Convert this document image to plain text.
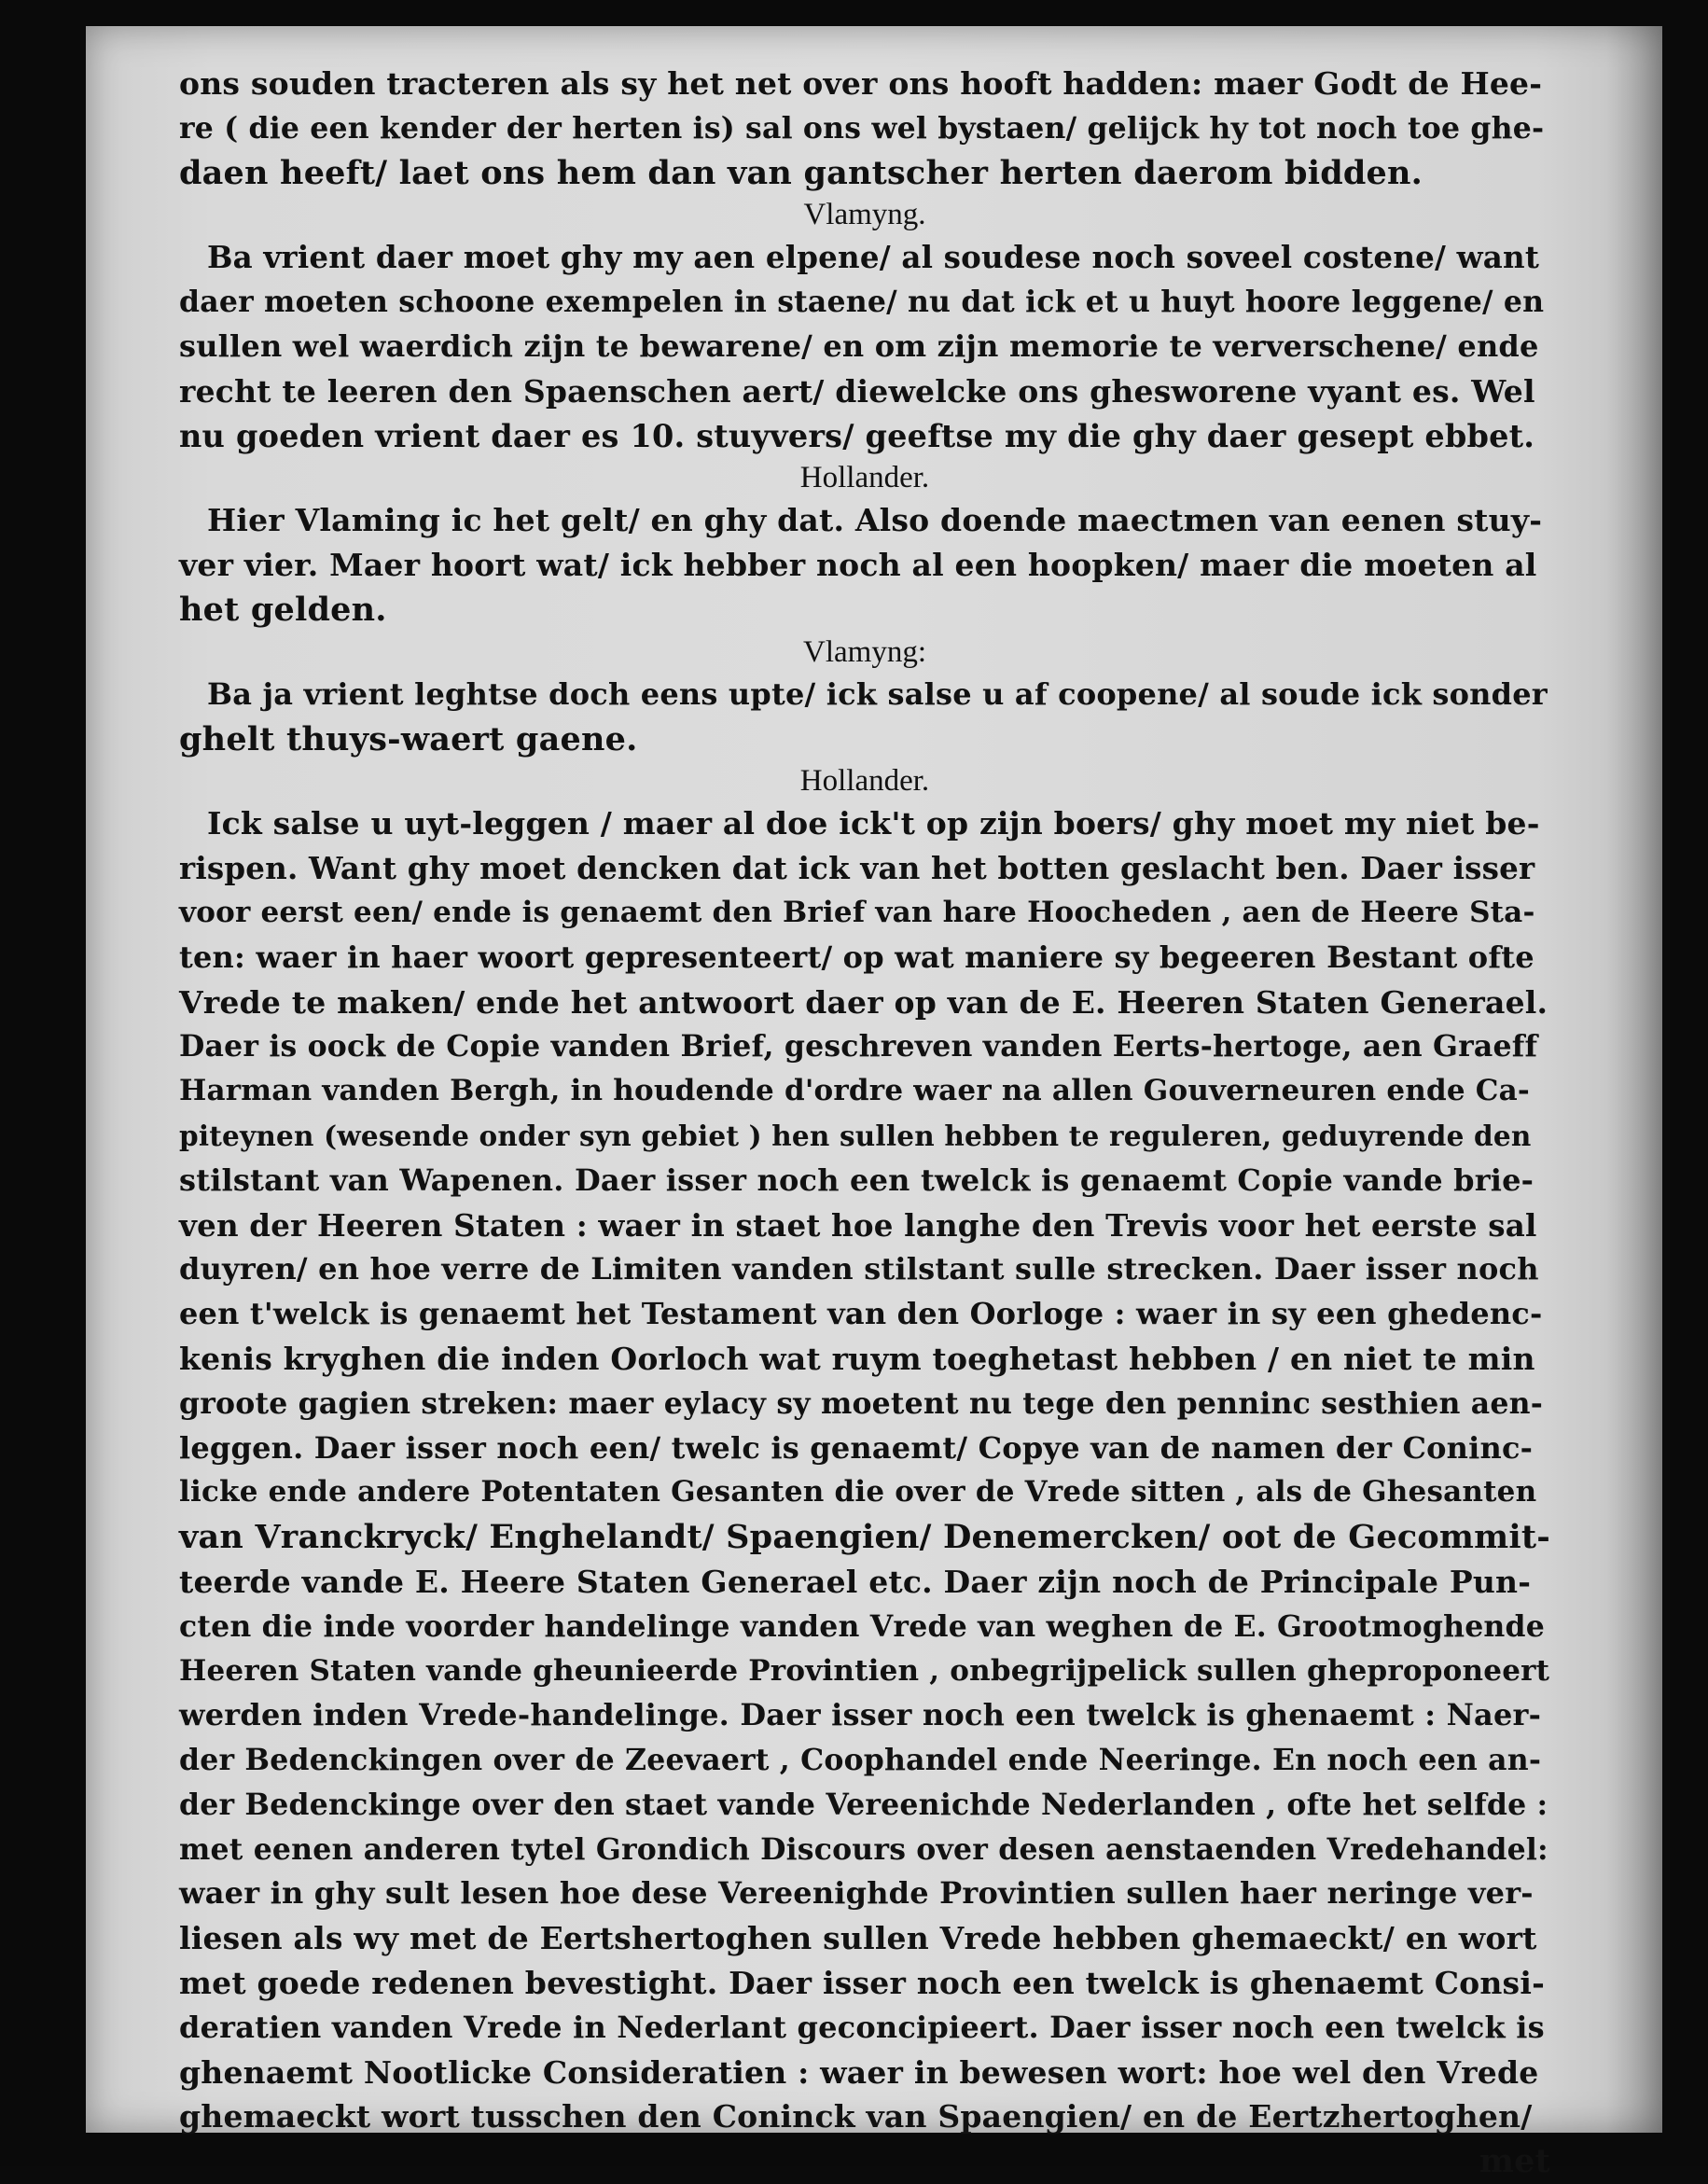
ons souden tracteren als sy het net over ons hooft hadden: maer Godt de Hee-
re ( die een kender der herten is) sal ons wel bystaen/ gelijck hy tot noch toe ghe-
daen heeft/ laet ons hem dan van gantscher herten daerom bidden.
Vlamyng.
Ba vrient daer moet ghy my aen elpene/ al soudese noch soveel costene/ want
daer moeten schoone exempelen in staene/ nu dat ick et u huyt hoore leggene/ en
sullen wel waerdich zijn te bewarene/ en om zijn memorie te ververschene/ ende
recht te leeren den Spaenschen aert/ diewelcke ons ghesworene vyant es. Wel
nu goeden vrient daer es 10. stuyvers/ geeftse my die ghy daer gesept ebbet.
Hollander.
Hier Vlaming ic het gelt/ en ghy dat. Also doende maectmen van eenen stuy-
ver vier. Maer hoort wat/ ick hebber noch al een hoopken/ maer die moeten al
het gelden.
Vlamyng:
Ba ja vrient leghtse doch eens upte/ ick salse u af coopene/ al soude ick sonder
ghelt thuys-waert gaene.
Hollander.
Ick salse u uyt-leggen / maer al doe ick't op zijn boers/ ghy moet my niet be-
rispen. Want ghy moet dencken dat ick van het botten geslacht ben. Daer isser
voor eerst een/ ende is genaemt den Brief van hare Hoocheden , aen de Heere Sta-
ten: waer in haer woort gepresenteert/ op wat maniere sy begeeren Bestant ofte
Vrede te maken/ ende het antwoort daer op van de E. Heeren Staten Generael.
Daer is oock de Copie vanden Brief, geschreven vanden Eerts-hertoge, aen Graeff
Harman vanden Bergh, in houdende d'ordre waer na allen Gouverneuren ende Ca-
piteynen (wesende onder syn gebiet ) hen sullen hebben te reguleren, geduyrende den
stilstant van Wapenen. Daer isser noch een twelck is genaemt Copie vande brie-
ven der Heeren Staten : waer in staet hoe langhe den Trevis voor het eerste sal
duyren/ en hoe verre de Limiten vanden stilstant sulle strecken. Daer isser noch
een t'welck is genaemt het Testament van den Oorloge : waer in sy een ghedenc-
kenis kryghen die inden Oorloch wat ruym toeghetast hebben / en niet te min
groote gagien streken: maer eylacy sy moetent nu tege den penninc sesthien aen-
leggen. Daer isser noch een/ twelc is genaemt/ Copye van de namen der Coninc-
licke ende andere Potentaten Gesanten die over de Vrede sitten , als de Ghesanten
van Vranckryck/ Enghelandt/ Spaengien/ Denemercken/ oot de Gecommit-
teerde vande E. Heere Staten Generael etc. Daer zijn noch de Principale Pun-
cten die inde voorder handelinge vanden Vrede van weghen de E. Grootmoghende
Heeren Staten vande gheunieerde Provintien , onbegrijpelick sullen gheproponeert
werden inden Vrede-handelinge. Daer isser noch een twelck is ghenaemt : Naer-
der Bedenckingen over de Zeevaert , Coophandel ende Neeringe. En noch een an-
der Bedenckinge over den staet vande Vereenichde Nederlanden , ofte het selfde :
met eenen anderen tytel Grondich Discours over desen aenstaenden Vredehandel:
waer in ghy sult lesen hoe dese Vereenighde Provintien sullen haer neringe ver-
liesen als wy met de Eertshertoghen sullen Vrede hebben ghemaeckt/ en wort
met goede redenen bevestight. Daer isser noch een twelck is ghenaemt Consi-
deratien vanden Vrede in Nederlant geconcipieert. Daer isser noch een twelck is
ghenaemt Nootlicke Consideratien : waer in bewesen wort: hoe wel den Vrede
ghemaeckt wort tusschen den Coninck van Spaengien/ en de Eertzhertoghen/
met
